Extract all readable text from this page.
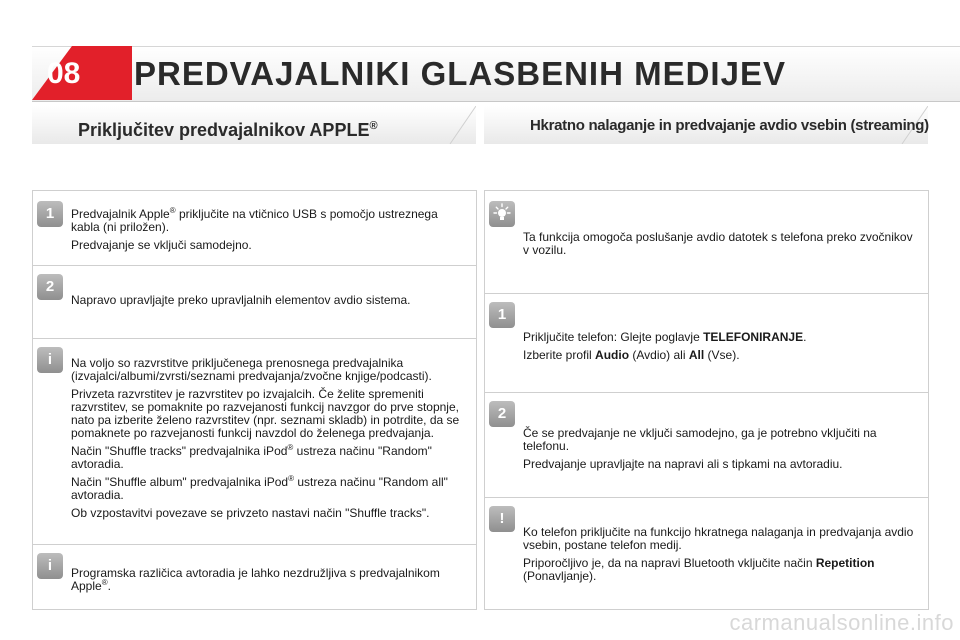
08	PREDVAJALNIKI GLASBENIH MEDIJEV
Priključitev predvajalnikov APPLE®	Hkratno nalaganje in predvajanje avdio vsebin (streaming)
1	Predvajalnik Apple® priključite na vtičnico USB s pomočjo ustreznega kabla (ni priložen).

Predvajanje se vključi samodejno.

2

Napravo upravljajte preko upravljalnih elementov avdio sistema.

i	Na voljo so razvrstitve priključenega prenosnega predvajalnika (izvajalci/albumi/zvrsti/seznami predvajanja/zvočne knjige/podcasti).

Privzeta razvrstitev je razvrstitev po izvajalcih. Če želite spremeniti razvrstitev, se pomaknite po razvejanosti funkcij navzgor do prve stopnje, nato pa izberite želeno razvrstitev (npr. seznami skladb) in potrdite, da se pomaknete po razvejanosti funkcij navzdol do želenega predvajanja.

Način "Shuffle tracks" predvajalnika iPod® ustreza načinu "Random" avtoradia.

Način "Shuffle album" predvajalnika iPod® ustreza načinu "Random all" avtoradia.

Ob vzpostavitvi povezave se privzeto nastavi način "Shuffle tracks".

i	Programska različica avtoradia je lahko nezdružljiva s predvajalnikom Apple®.

Ta funkcija omogoča poslušanje avdio datotek s telefona preko zvočnikov v vozilu.

1

Priključite telefon: Glejte poglavje TELEFONIRANJE.

Izberite profil Audio (Avdio) ali All (Vse).

2

Če se predvajanje ne vključi samodejno, ga je potrebno vključiti na telefonu.

Predvajanje upravljajte na napravi ali s tipkami na avtoradiu.

!

Ko telefon priključite na funkcijo hkratnega nalaganja in predvajanja avdio vsebin, postane telefon medij.

Priporočljivo je, da na napravi Bluetooth vključite način Repetition (Ponavljanje).

carmanualsonline.info
